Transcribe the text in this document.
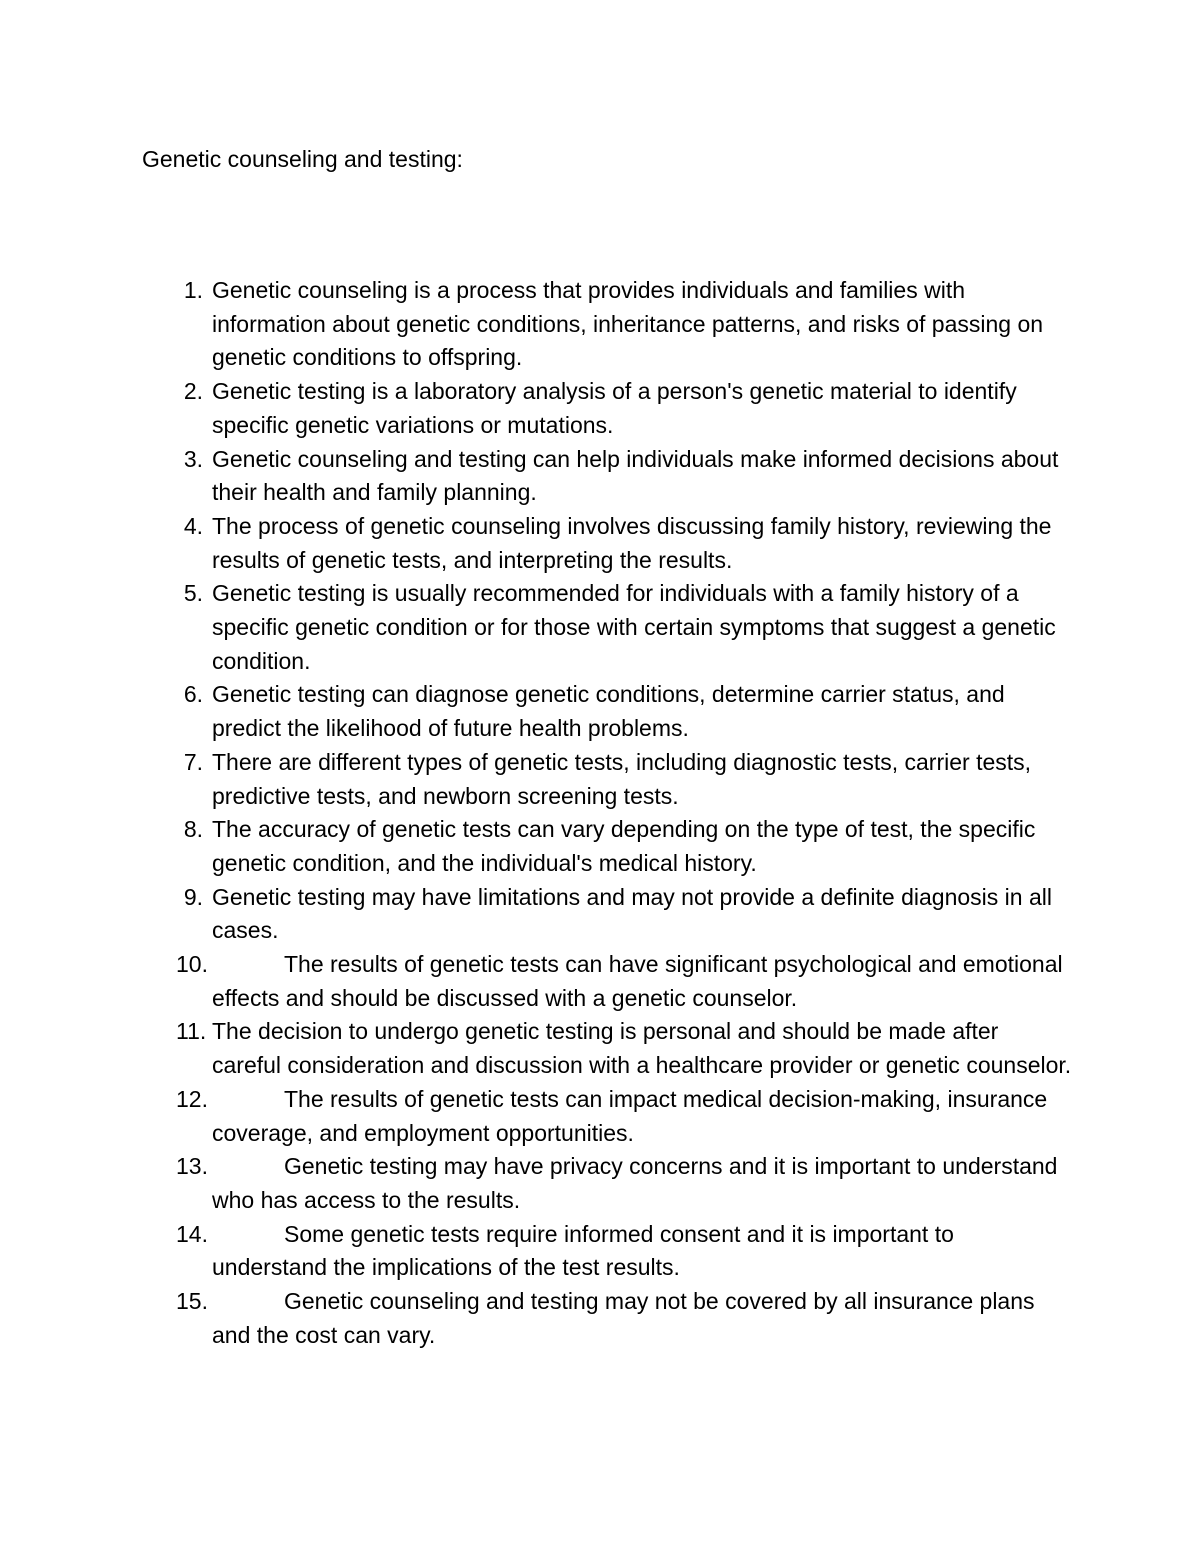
Genetic counseling and testing:
1. Genetic counseling is a process that provides individuals and families with information about genetic conditions, inheritance patterns, and risks of passing on genetic conditions to offspring.
2. Genetic testing is a laboratory analysis of a person's genetic material to identify specific genetic variations or mutations.
3. Genetic counseling and testing can help individuals make informed decisions about their health and family planning.
4. The process of genetic counseling involves discussing family history, reviewing the results of genetic tests, and interpreting the results.
5. Genetic testing is usually recommended for individuals with a family history of a specific genetic condition or for those with certain symptoms that suggest a genetic condition.
6. Genetic testing can diagnose genetic conditions, determine carrier status, and predict the likelihood of future health problems.
7. There are different types of genetic tests, including diagnostic tests, carrier tests, predictive tests, and newborn screening tests.
8. The accuracy of genetic tests can vary depending on the type of test, the specific genetic condition, and the individual's medical history.
9. Genetic testing may have limitations and may not provide a definite diagnosis in all cases.
10.	The results of genetic tests can have significant psychological and emotional effects and should be discussed with a genetic counselor.
11. The decision to undergo genetic testing is personal and should be made after careful consideration and discussion with a healthcare provider or genetic counselor.
12.	The results of genetic tests can impact medical decision-making, insurance coverage, and employment opportunities.
13.	Genetic testing may have privacy concerns and it is important to understand who has access to the results.
14.	Some genetic tests require informed consent and it is important to understand the implications of the test results.
15.	Genetic counseling and testing may not be covered by all insurance plans and the cost can vary.
